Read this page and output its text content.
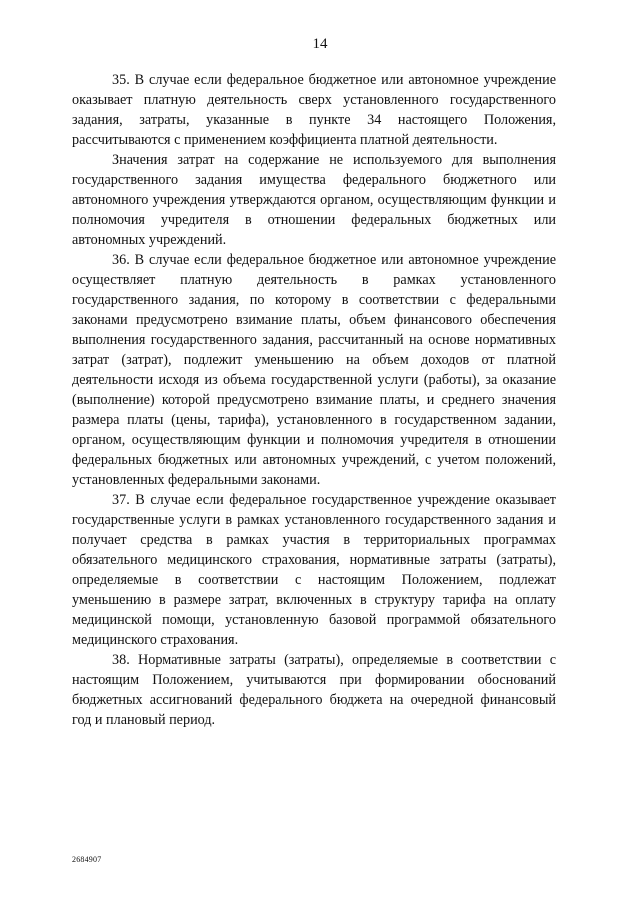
14

35. В случае если федеральное бюджетное или автономное учреждение оказывает платную деятельность сверх установленного государственного задания, затраты, указанные в пункте 34 настоящего Положения, рассчитываются с применением коэффициента платной деятельности.

Значения затрат на содержание не используемого для выполнения государственного задания имущества федерального бюджетного или автономного учреждения утверждаются органом, осуществляющим функции и полномочия учредителя в отношении федеральных бюджетных или автономных учреждений.

36. В случае если федеральное бюджетное или автономное учреждение осуществляет платную деятельность в рамках установленного государственного задания, по которому в соответствии с федеральными законами предусмотрено взимание платы, объем финансового обеспечения выполнения государственного задания, рассчитанный на основе нормативных затрат (затрат), подлежит уменьшению на объем доходов от платной деятельности исходя из объема государственной услуги (работы), за оказание (выполнение) которой предусмотрено взимание платы, и среднего значения размера платы (цены, тарифа), установленного в государственном задании, органом, осуществляющим функции и полномочия учредителя в отношении федеральных бюджетных или автономных учреждений, с учетом положений, установленных федеральными законами.

37. В случае если федеральное государственное учреждение оказывает государственные услуги в рамках установленного государственного задания и получает средства в рамках участия в территориальных программах обязательного медицинского страхования, нормативные затраты (затраты), определяемые в соответствии с настоящим Положением, подлежат уменьшению в размере затрат, включенных в структуру тарифа на оплату медицинской помощи, установленную базовой программой обязательного медицинского страхования.

38. Нормативные затраты (затраты), определяемые в соответствии с настоящим Положением, учитываются при формировании обоснований бюджетных ассигнований федерального бюджета на очередной финансовый год и плановый период.

2684907
